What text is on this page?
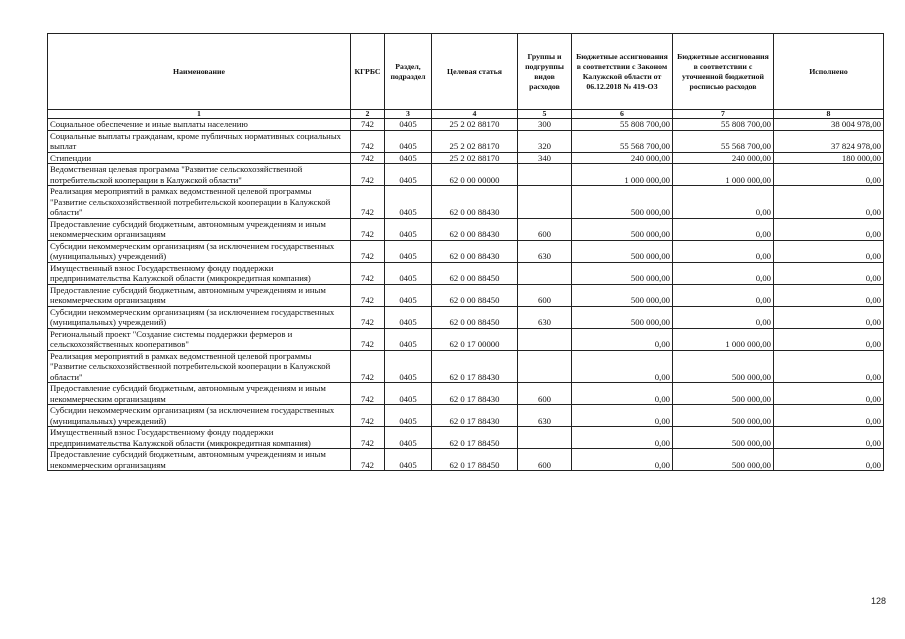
Наименование	КГРБС	Раздел, подраздел	Целевая статья	Группы и подгруппы видов расходов	Бюджетные ассигнования в соответствии с Законом Калужской области от 06.12.2018 № 419-ОЗ	Бюджетные ассигнования в соответствии с уточненной бюджетной росписью расходов	Исполнено
1	2	3	4	5	6	7	8
Социальное обеспечение и иные выплаты населению	742	0405	25 2 02 88170	300	55 808 700,00	55 808 700,00	38 004 978,00
Социальные выплаты гражданам, кроме публичных нормативных социальных выплат	742	0405	25 2 02 88170	320	55 568 700,00	55 568 700,00	37 824 978,00
Стипендии	742	0405	25 2 02 88170	340	240 000,00	240 000,00	180 000,00
Ведомственная целевая программа "Развитие сельскохозяйственной потребительской кооперации в Калужской области"	742	0405	62 0 00 00000		1 000 000,00	1 000 000,00	0,00
Реализация мероприятий в рамках ведомственной целевой программы "Развитие сельскохозяйственной потребительской кооперации в Калужской области"	742	0405	62 0 00 88430		500 000,00	0,00	0,00
Предоставление субсидий бюджетным, автономным учреждениям и иным некоммерческим организациям	742	0405	62 0 00 88430	600	500 000,00	0,00	0,00
Субсидии некоммерческим организациям (за исключением государственных (муниципальных) учреждений)	742	0405	62 0 00 88430	630	500 000,00	0,00	0,00
Имущественный взнос Государственному фонду поддержки предпринимательства Калужской области (микрокредитная компания)	742	0405	62 0 00 88450		500 000,00	0,00	0,00
Предоставление субсидий бюджетным, автономным учреждениям и иным некоммерческим организациям	742	0405	62 0 00 88450	600	500 000,00	0,00	0,00
Субсидии некоммерческим организациям (за исключением государственных (муниципальных) учреждений)	742	0405	62 0 00 88450	630	500 000,00	0,00	0,00
Региональный проект "Создание системы поддержки фермеров и сельскохозяйственных кооперативов"	742	0405	62 0 17 00000		0,00	1 000 000,00	0,00
Реализация мероприятий в рамках ведомственной целевой программы "Развитие сельскохозяйственной потребительской кооперации в Калужской области"	742	0405	62 0 17 88430		0,00	500 000,00	0,00
Предоставление субсидий бюджетным, автономным учреждениям и иным некоммерческим организациям	742	0405	62 0 17 88430	600	0,00	500 000,00	0,00
Субсидии некоммерческим организациям (за исключением государственных (муниципальных) учреждений)	742	0405	62 0 17 88430	630	0,00	500 000,00	0,00
Имущественный взнос Государственному фонду поддержки предпринимательства Калужской области (микрокредитная компания)	742	0405	62 0 17 88450		0,00	500 000,00	0,00
Предоставление субсидий бюджетным, автономным учреждениям и иным некоммерческим организациям	742	0405	62 0 17 88450	600	0,00	500 000,00	0,00
128
